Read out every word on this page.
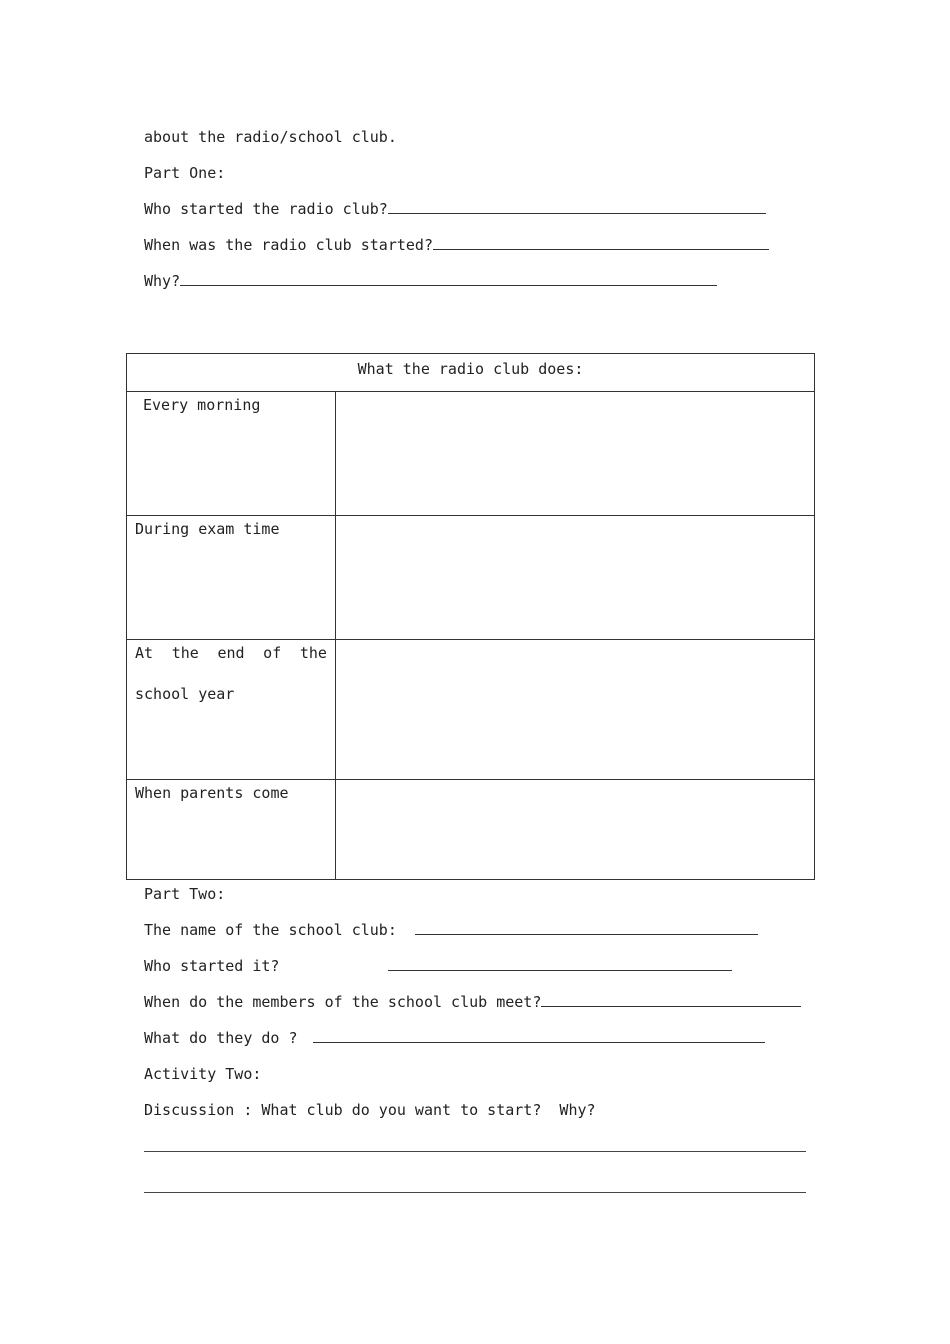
about the radio/school club.
Part One:
Who started the radio club?
When was the radio club started?
Why?
What the radio club does:
Every morning
During exam time
At the end of the
school year
When parents come
Part Two:
The name of the school club:
Who started it?
When do the members of the school club meet?
What do they do ?
Activity Two:
Discussion : What club do you want to start?  Why?
